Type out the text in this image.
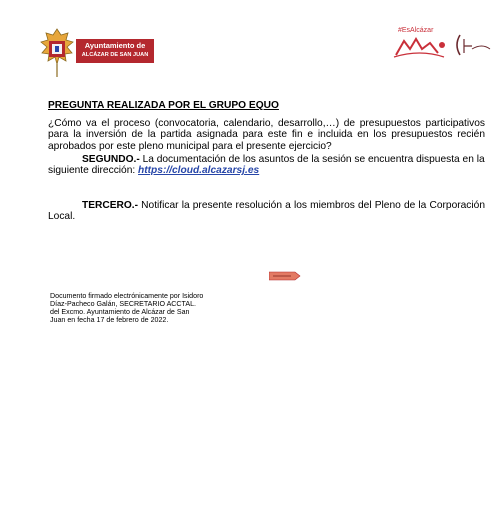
Ayuntamiento de
ALCÁZAR DE SAN JUAN
#EsAlcázar
PREGUNTA REALIZADA POR EL GRUPO EQUO
¿Cómo va el proceso (convocatoria, calendario, desarrollo,…) de presupuestos participativos para la inversión de la partida asignada para este fin e incluida en los presupuestos recién aprobados por este pleno municipal para el presente ejercicio?
SEGUNDO.- La documentación de los asuntos de la sesión se encuentra dispuesta en la siguiente dirección: https://cloud.alcazarsj.es
TERCERO.- Notificar la presente resolución a los miembros del Pleno de la Corporación Local.
Documento firmado electrónicamente por Isidoro
Díaz-Pacheco Galán, SECRETARIO ACCTAL.
del Excmo. Ayuntamiento de Alcázar de San
Juan en fecha 17 de febrero de 2022.
